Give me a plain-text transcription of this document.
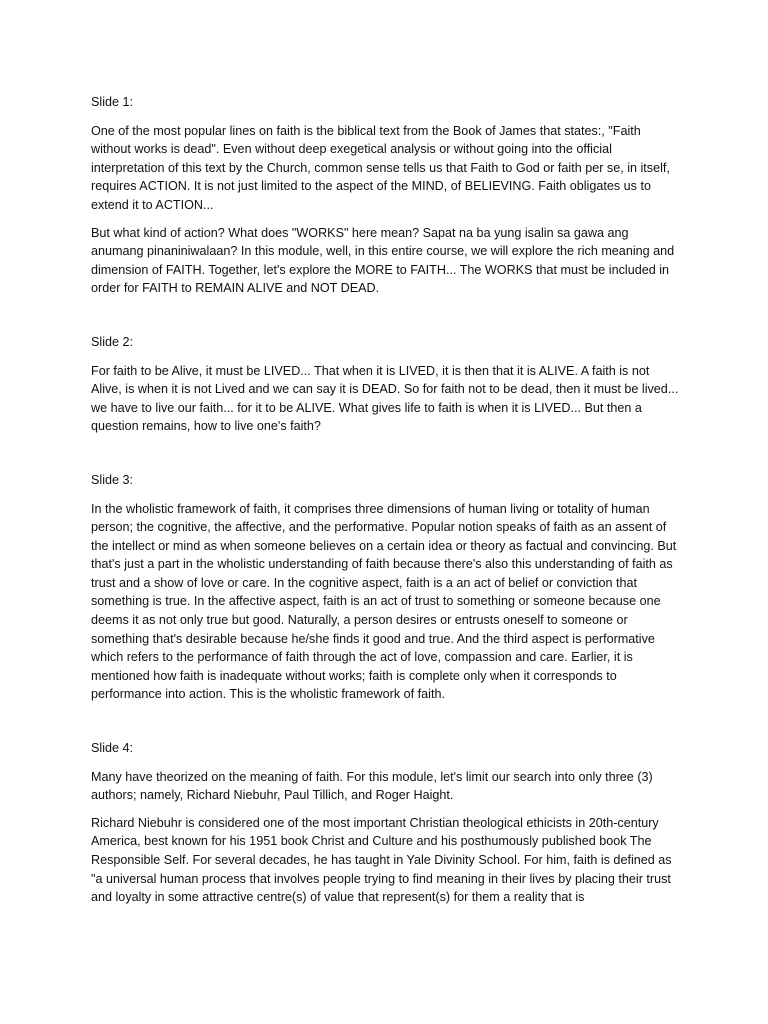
Slide 1:

One of the most popular lines on faith is the biblical text from the Book of James that states:, "Faith without works is dead". Even without deep exegetical analysis or without going into the official interpretation of this text by the Church, common sense tells us that Faith to God or faith per se, in itself, requires ACTION. It is not just limited to the aspect of the MIND, of BELIEVING. Faith obligates us to extend it to ACTION...

But what kind of action? What does "WORKS" here mean? Sapat na ba yung isalin sa gawa ang anumang pinaniniwalaan? In this module, well, in this entire course, we will explore the rich meaning and dimension of FAITH. Together, let's explore the MORE to FAITH... The WORKS that must be included in order for FAITH to REMAIN ALIVE and NOT DEAD.

Slide 2:

For faith to be Alive, it must be LIVED... That when it is LIVED, it is then that it is ALIVE. A faith is not Alive, is when it is not Lived and we can say it is DEAD. So for faith not to be dead, then it must be lived... we have to live our faith... for it to be ALIVE. What gives life to faith is when it is LIVED... But then a question remains, how to live one's faith?

Slide 3:

In the wholistic framework of faith, it comprises three dimensions of human living or totality of human person; the cognitive, the affective, and the performative. Popular notion speaks of faith as an assent of the intellect or mind as when someone believes on a certain idea or theory as factual and convincing. But that's just a part in the wholistic understanding of faith because there's also this understanding of faith as trust and a show of love or care. In the cognitive aspect, faith is a an act of belief or conviction that something is true. In the affective aspect, faith is an act of trust to something or someone because one deems it as not only true but good. Naturally, a person desires or entrusts oneself to someone or something that's desirable because he/she finds it good and true. And the third aspect is performative which refers to the performance of faith through the act of love, compassion and care. Earlier, it is mentioned how faith is inadequate without works; faith is complete only when it corresponds to performance into action. This is the wholistic framework of faith.

Slide 4:

Many have theorized on the meaning of faith. For this module, let's limit our search into only three (3) authors; namely, Richard Niebuhr, Paul Tillich, and Roger Haight.

Richard Niebuhr is considered one of the most important Christian theological ethicists in 20th-century America, best known for his 1951 book Christ and Culture and his posthumously published book The Responsible Self. For several decades, he has taught in Yale Divinity School. For him, faith is defined as "a universal human process that involves people trying to find meaning in their lives by placing their trust and loyalty in some attractive centre(s) of value that represent(s) for them a reality that is
